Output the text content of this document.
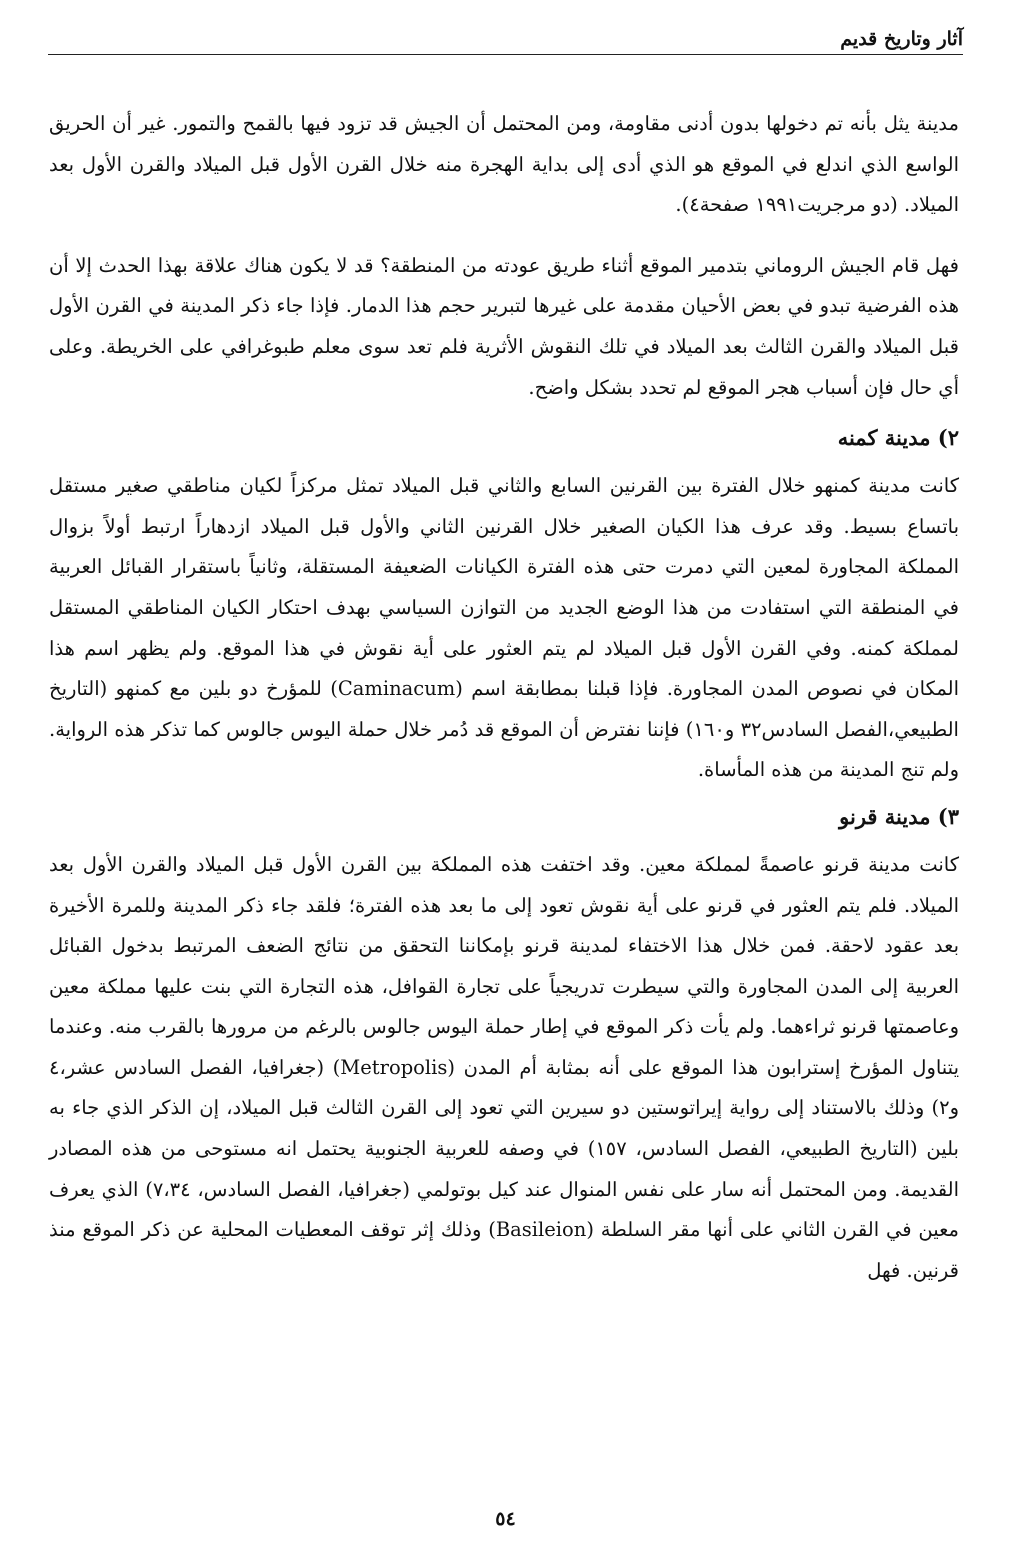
آثار وتاريخ قديم

مدينة يثل بأنه تم دخولها بدون أدنى مقاومة، ومن المحتمل أن الجيش قد تزود فيها بالقمح والتمور. غير أن الحريق الواسع الذي اندلع في الموقع هو الذي أدى إلى بداية الهجرة منه خلال القرن الأول قبل الميلاد والقرن الأول بعد الميلاد. (دو مرجريت١٩٩١ صفحة٤).

فهل قام الجيش الروماني بتدمير الموقع أثناء طريق عودته من المنطقة؟ قد لا يكون هناك علاقة بهذا الحدث إلا أن هذه الفرضية تبدو في بعض الأحيان مقدمة على غيرها لتبرير حجم هذا الدمار. فإذا جاء ذكر المدينة في القرن الأول قبل الميلاد والقرن الثالث بعد الميلاد في تلك النقوش الأثرية فلم تعد سوى معلم طبوغرافي على الخريطة. وعلى أي حال فإن أسباب هجر الموقع لم تحدد بشكل واضح.

٢) مدينة كمنه

كانت مدينة كمنهو خلال الفترة بين القرنين السابع والثاني قبل الميلاد تمثل مركزاً لكيان مناطقي صغير مستقل باتساع بسيط. وقد عرف هذا الكيان الصغير خلال القرنين الثاني والأول قبل الميلاد ازدهاراً ارتبط أولاً بزوال المملكة المجاورة لمعين التي دمرت حتى هذه الفترة الكيانات الضعيفة المستقلة، وثانياً باستقرار القبائل العربية في المنطقة التي استفادت من هذا الوضع الجديد من التوازن السياسي بهدف احتكار الكيان المناطقي المستقل لمملكة كمنه. وفي القرن الأول قبل الميلاد لم يتم العثور على أية نقوش في هذا الموقع. ولم يظهر اسم هذا المكان في نصوص المدن المجاورة. فإذا قبلنا بمطابقة اسم (Caminacum) للمؤرخ دو بلين مع كمنهو (التاريخ الطبيعي،الفصل السادس٣٢ و١٦٠) فإننا نفترض أن الموقع قد دُمر خلال حملة اليوس جالوس كما تذكر هذه الرواية. ولم تنج المدينة من هذه المأساة.

٣) مدينة قرنو

كانت مدينة قرنو عاصمةً لمملكة معين. وقد اختفت هذه المملكة بين القرن الأول قبل الميلاد والقرن الأول بعد الميلاد. فلم يتم العثور في قرنو على أية نقوش تعود إلى ما بعد هذه الفترة؛ فلقد جاء ذكر المدينة وللمرة الأخيرة بعد عقود لاحقة. فمن خلال هذا الاختفاء لمدينة قرنو بإمكاننا التحقق من نتائج الضعف المرتبط بدخول القبائل العربية إلى المدن المجاورة والتي سيطرت تدريجياً على تجارة القوافل، هذه التجارة التي بنت عليها مملكة معين وعاصمتها قرنو ثراءهما. ولم يأت ذكر الموقع في إطار حملة اليوس جالوس بالرغم من مرورها بالقرب منه. وعندما يتناول المؤرخ إسترابون هذا الموقع على أنه بمثابة أم المدن (Metropolis) (جغرافيا، الفصل السادس عشر،٤ و٢) وذلك بالاستناد إلى رواية إيراتوستين دو سيرين التي تعود إلى القرن الثالث قبل الميلاد، إن الذكر الذي جاء به بلين (التاريخ الطبيعي، الفصل السادس، ١٥٧) في وصفه للعربية الجنوبية يحتمل انه مستوحى من هذه المصادر القديمة. ومن المحتمل أنه سار على نفس المنوال عند كيل بوتولمي (جغرافيا، الفصل السادس، ٧،٣٤) الذي يعرف معين في القرن الثاني على أنها مقر السلطة (Basileion) وذلك إثر توقف المعطيات المحلية عن ذكر الموقع منذ قرنين. فهل

٥٤
